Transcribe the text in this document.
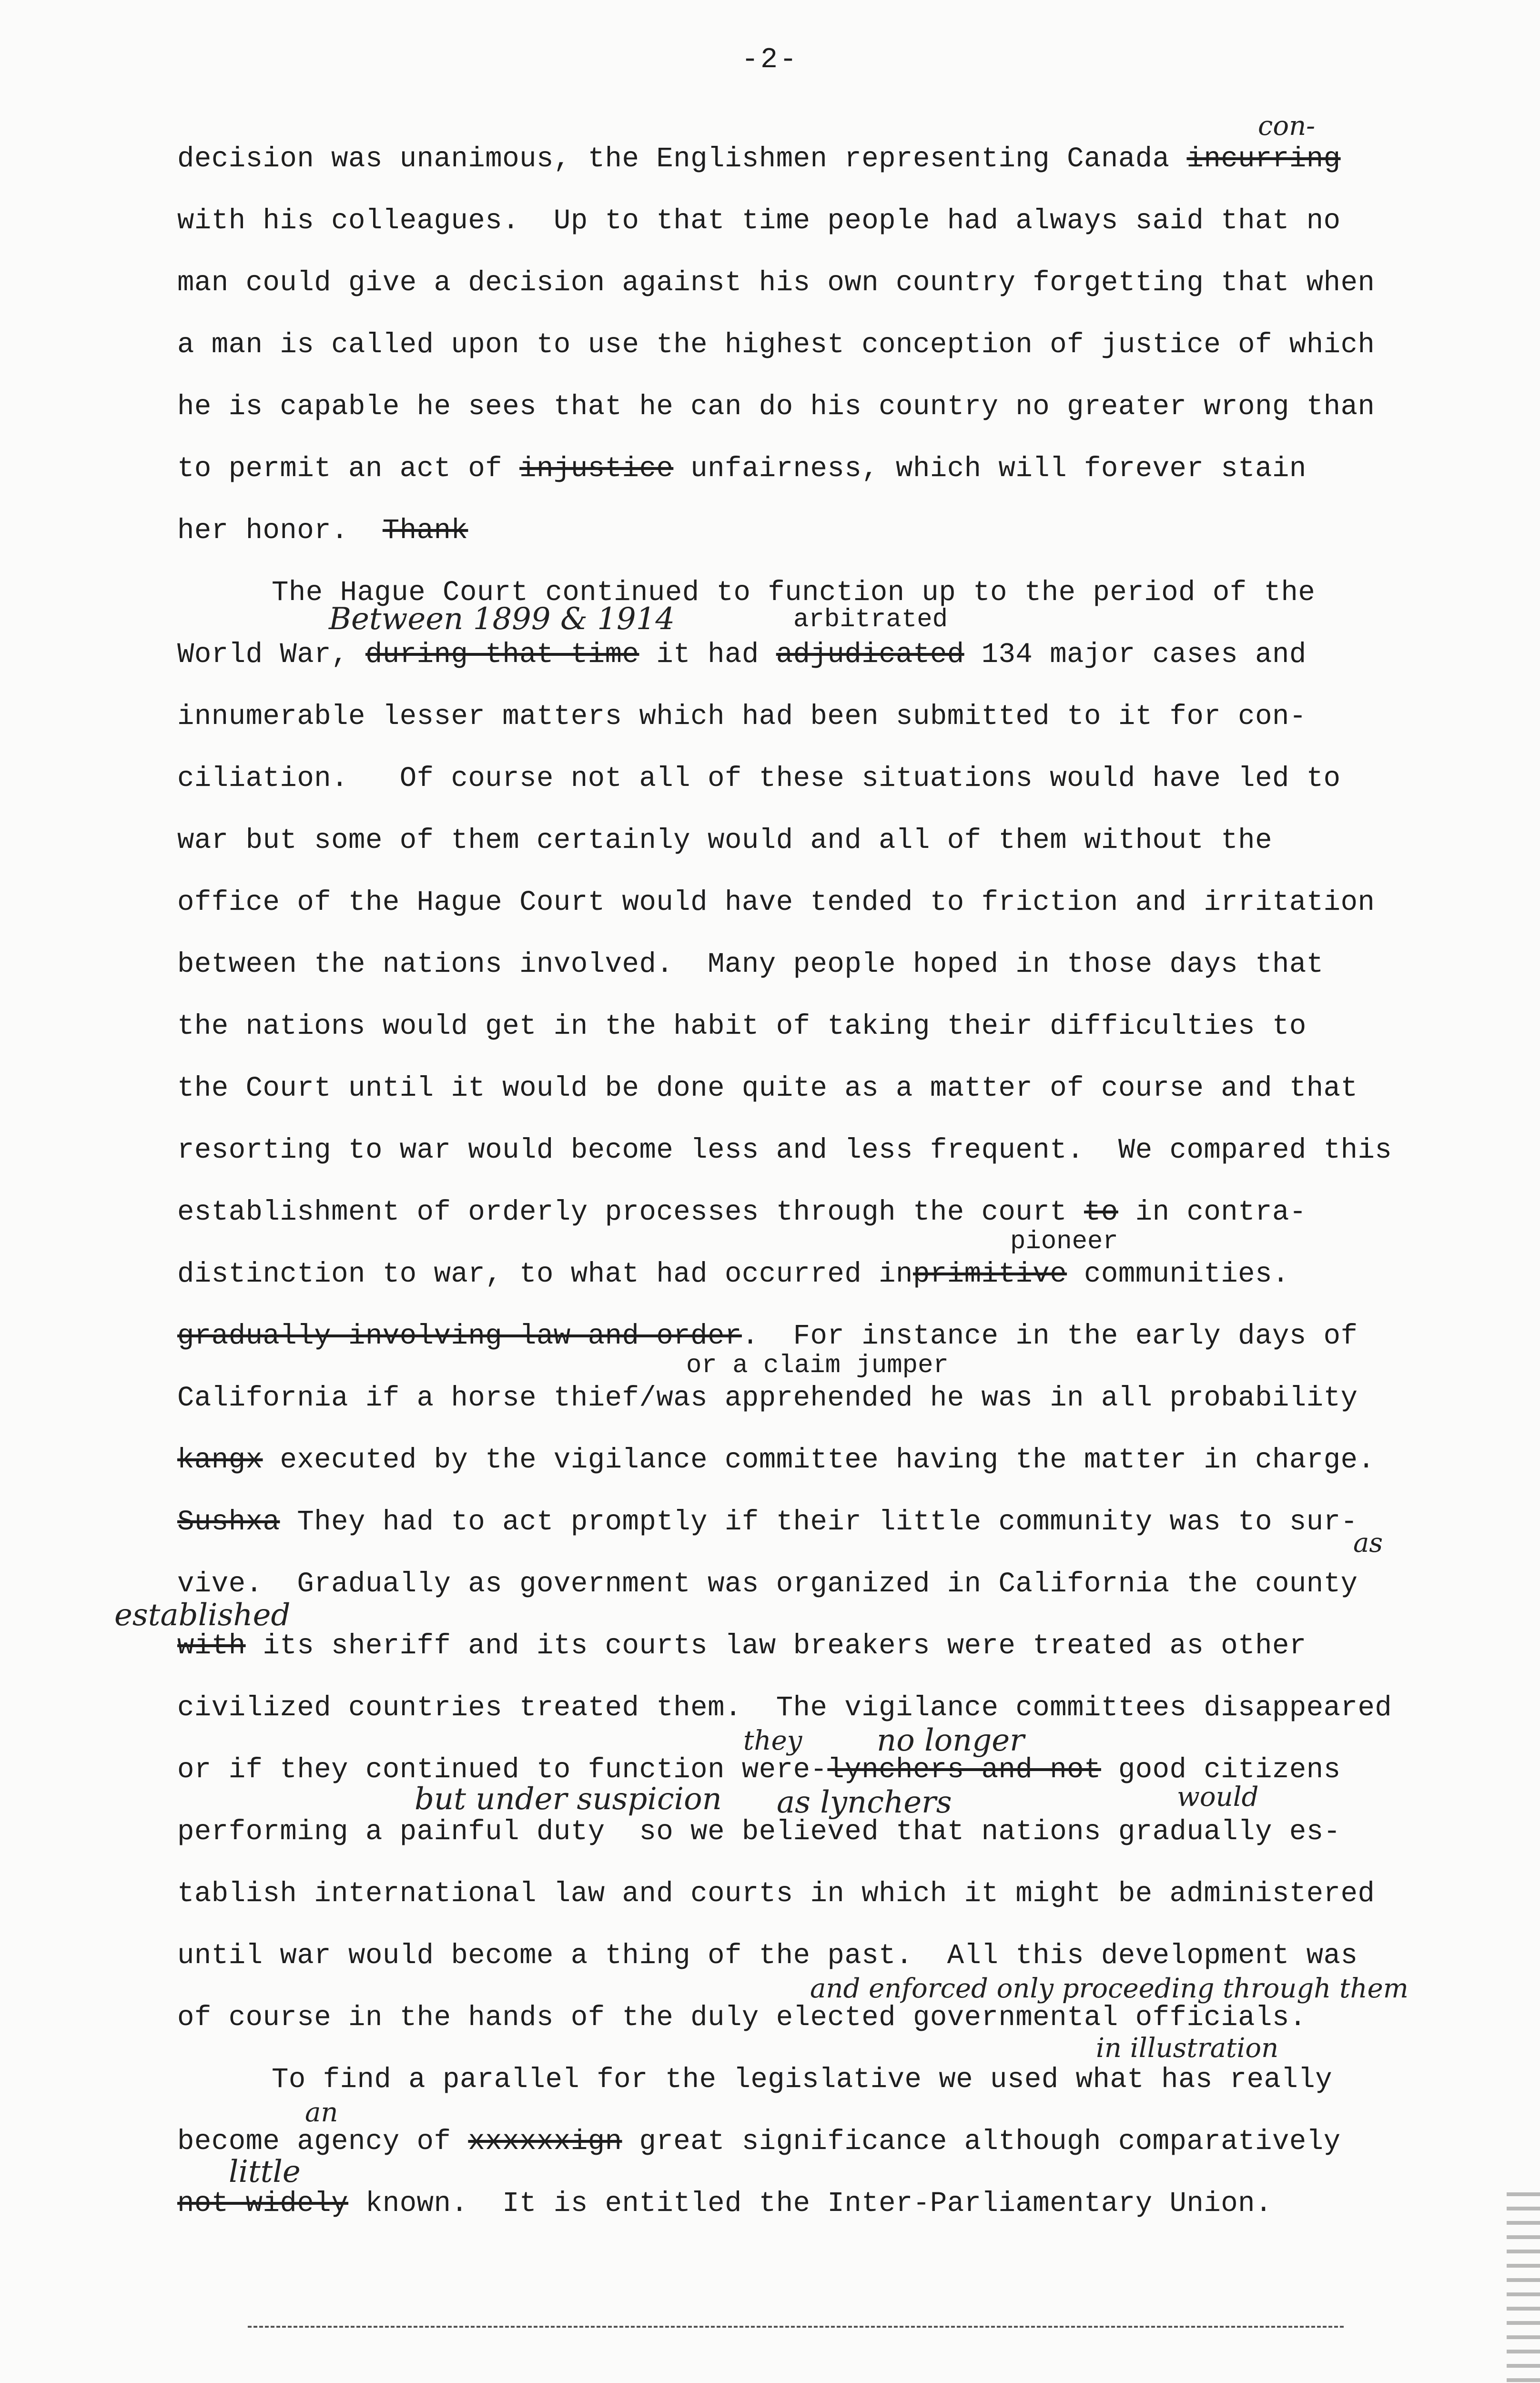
-2-
decision was unanimous, the Englishmen representing Canada incurring
con-
with his colleagues.  Up to that time people had always said that no
man could give a decision against his own country forgetting that when
a man is called upon to use the highest conception of justice of which
he is capable he sees that he can do his country no greater wrong than
to permit an act of injustice unfairness, which will forever stain
her honor. Thank
The Hague Court continued to function up to the period of the
arbitrated
Between 1899 & 1914
World War, during that time it had adjudicated 134 major cases and
innumerable lesser matters which had been submitted to it for con-
ciliation.   Of course not all of these situations would have led to
war but some of them certainly would and all of them without the
office of the Hague Court would have tended to friction and irritation
between the nations involved.  Many people hoped in those days that
the nations would get in the habit of taking their difficulties to
the Court until it would be done quite as a matter of course and that
resorting to war would become less and less frequent.  We compared this
establishment of orderly processes through the court to in contra-
pioneer
distinction to war, to what had occurred inprimitive communities.
gradually involving law and order.  For instance in the early days of
or a claim jumper
California if a horse thief/was apprehended he was in all probability
kangx executed by the vigilance committee having the matter in charge.
Sushxa They had to act promptly if their little community was to sur-
as
vive.  Gradually as government was organized in California the county
established
with its sheriff and its courts law breakers were treated as other
civilized countries treated them.  The vigilance committees disappeared
they no longer
or if they continued to function were-lynchers and not good citizens
but under suspicion as lynchers	would
performing a painful duty  so we believed that nations gradually es-
tablish international law and courts in which it might be administered
until war would become a thing of the past.  All this development was
and enforced only proceeding through them
of course in the hands of the duly elected governmental officials.
in illustration
To find a parallel for the legislative we used what has really
an
become agency of xxxxxxign great significance although comparatively
little
not widely known.  It is entitled the Inter-Parliamentary Union.
